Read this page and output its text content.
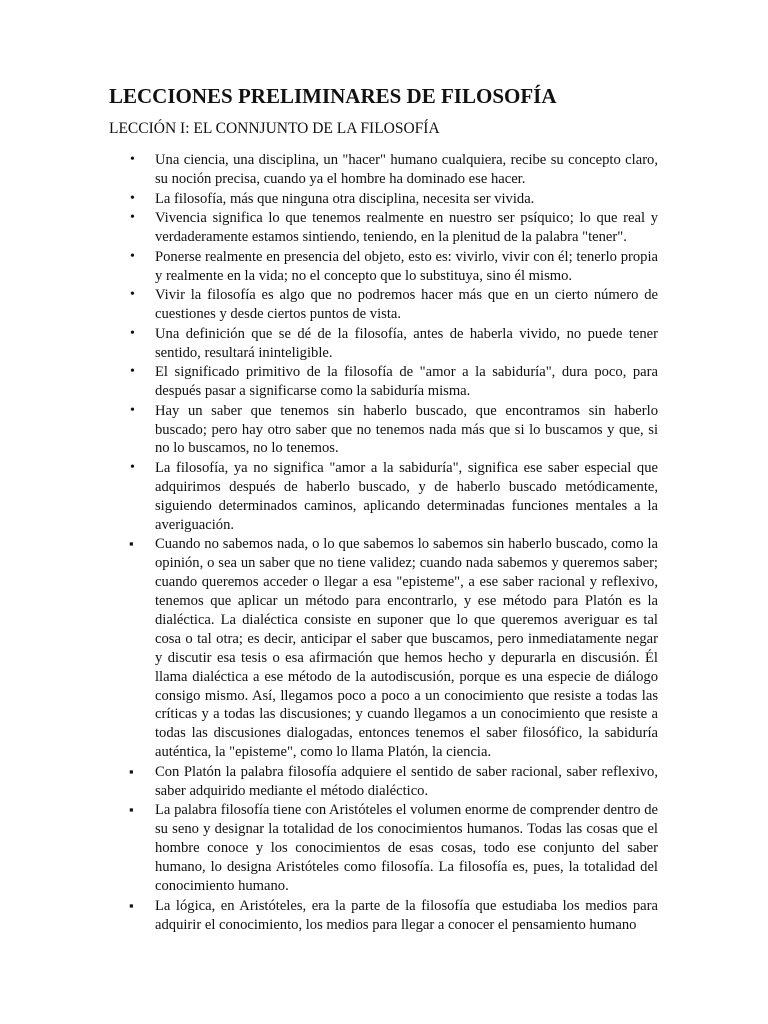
LECCIONES PRELIMINARES DE FILOSOFÍA
LECCIÓN I: EL CONNJUNTO DE LA FILOSOFÍA
• Una ciencia, una disciplina, un "hacer" humano cualquiera, recibe su concepto claro, su noción precisa, cuando ya el hombre ha dominado ese hacer.
• La filosofía, más que ninguna otra disciplina, necesita ser vivida.
• Vivencia significa lo que tenemos realmente en nuestro ser psíquico; lo que real y verdaderamente estamos sintiendo, teniendo, en la plenitud de la palabra "tener".
• Ponerse realmente en presencia del objeto, esto es: vivirlo, vivir con él; tenerlo propia y realmente en la vida; no el concepto que lo substituya, sino él mismo.
• Vivir la filosofía es algo que no podremos hacer más que en un cierto número de cuestiones y desde ciertos puntos de vista.
• Una definición que se dé de la filosofía, antes de haberla vivido, no puede tener sentido, resultará ininteligible.
• El significado primitivo de la filosofía de "amor a la sabiduría", dura poco, para después pasar a significarse como la sabiduría misma.
• Hay un saber que tenemos sin haberlo buscado, que encontramos sin haberlo buscado; pero hay otro saber que no tenemos nada más que si lo buscamos y que, si no lo buscamos, no lo tenemos.
• La filosofía, ya no significa "amor a la sabiduría", significa ese saber especial que adquirimos después de haberlo buscado, y de haberlo buscado metódicamente, siguiendo determinados caminos, aplicando determinadas funciones mentales a la averiguación.
▪ Cuando no sabemos nada, o lo que sabemos lo sabemos sin haberlo buscado, como la opinión, o sea un saber que no tiene validez; cuando nada sabemos y queremos saber; cuando queremos acceder o llegar a esa "episteme", a ese saber racional y reflexivo, tenemos que aplicar un método para encontrarlo, y ese método para Platón es la dialéctica. La dialéctica consiste en suponer que lo que queremos averiguar es tal cosa o tal otra; es decir, anticipar el saber que buscamos, pero inmediatamente negar y discutir esa tesis o esa afirmación que hemos hecho y depurarla en discusión. Él llama dialéctica a ese método de la autodiscusión, porque es una especie de diálogo consigo mismo. Así, llegamos poco a poco a un conocimiento que resiste a todas las críticas y a todas las discusiones; y cuando llegamos a un conocimiento que resiste a todas las discusiones dialogadas, entonces tenemos el saber filosófico, la sabiduría auténtica, la "episteme", como lo llama Platón, la ciencia.
▪ Con Platón la palabra filosofía adquiere el sentido de saber racional, saber reflexivo, saber adquirido mediante el método dialéctico.
▪ La palabra filosofía tiene con Aristóteles el volumen enorme de comprender dentro de su seno y designar la totalidad de los conocimientos humanos. Todas las cosas que el hombre conoce y los conocimientos de esas cosas, todo ese conjunto del saber humano, lo designa Aristóteles como filosofía. La filosofía es, pues, la totalidad del conocimiento humano.
▪ La lógica, en Aristóteles, era la parte de la filosofía que estudiaba los medios para adquirir el conocimiento, los medios para llegar a conocer el pensamiento humano
